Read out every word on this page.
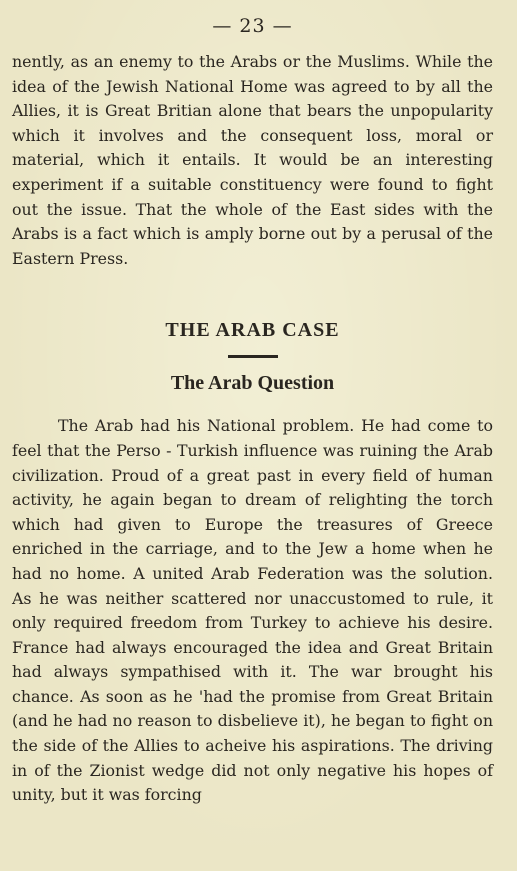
— 23 —

nently, as an enemy to the Arabs or the Muslims. While the idea of the Jewish National Home was agreed to by all the Allies, it is Great Britian alone that bears the unpopularity which it involves and the consequent loss, moral or material, which it entails. It would be an interesting experiment if a suitable constituency were found to fight out the issue. That the whole of the East sides with the Arabs is a fact which is amply borne out by a perusal of the Eastern Press.

THE ARAB CASE
The Arab Question

The Arab had his National problem. He had come to feel that the Perso - Turkish influence was ruining the Arab civilization. Proud of a great past in every field of human activity, he again began to dream of relighting the torch which had given to Europe the treasures of Greece enriched in the carriage, and to the Jew a home when he had no home. A united Arab Federation was the solution. As he was neither scattered nor unaccustomed to rule, it only required freedom from Turkey to achieve his desire. France had always encouraged the idea and Great Britain had always sympathised with it. The war brought his chance. As soon as he 'had the promise from Great Britain (and he had no reason to disbelieve it), he began to fight on the side of the Allies to acheive his aspirations. The driving in of the Zionist wedge did not only negative his hopes of unity, but it was forcing
